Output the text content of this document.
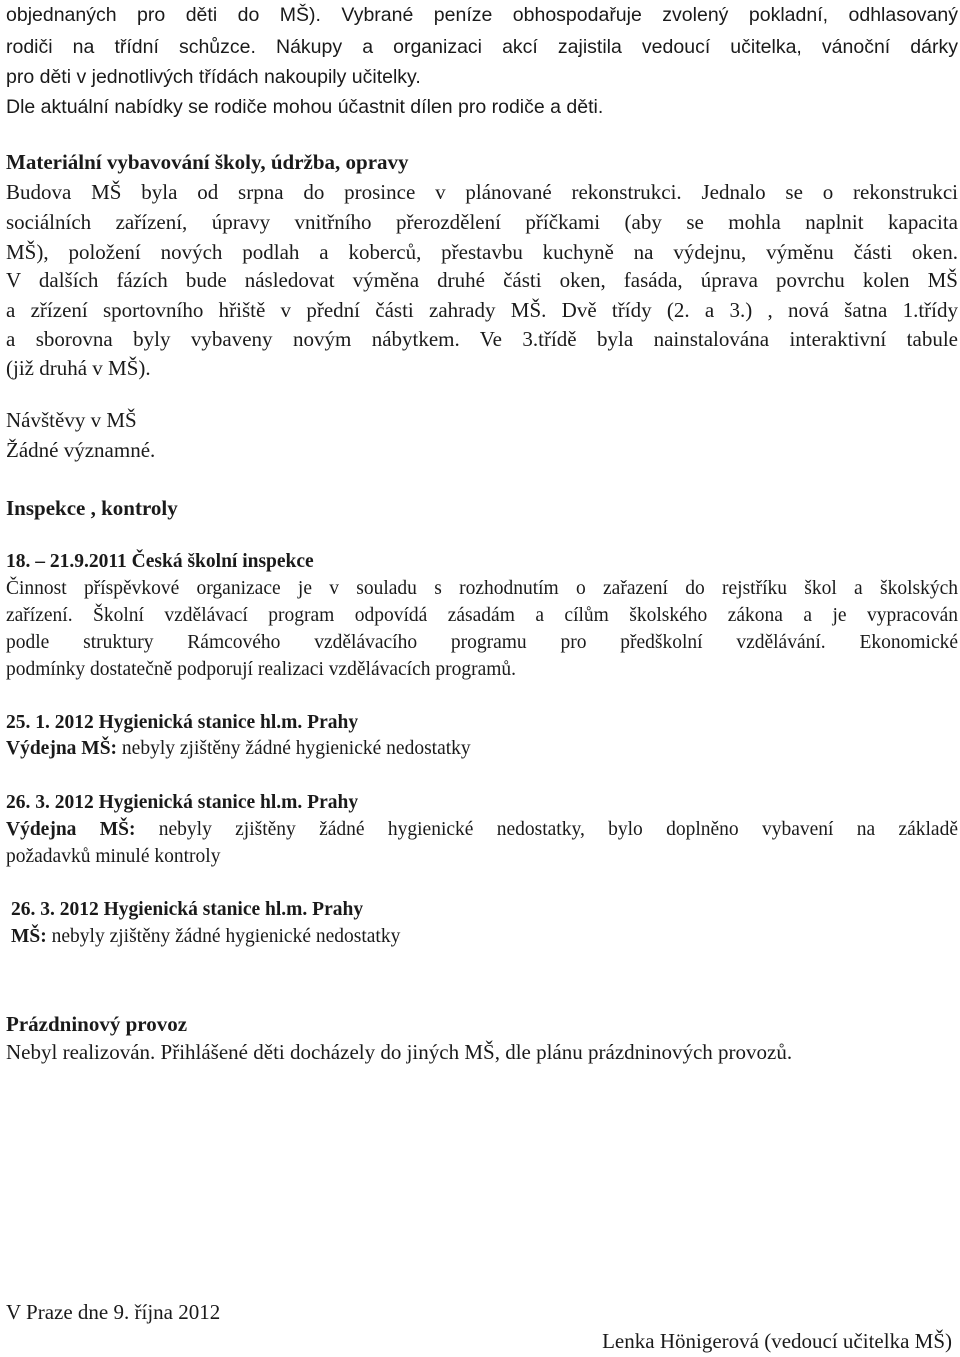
objednaných pro děti do MŠ). Vybrané peníze obhospodařuje zvolený pokladní, odhlasovaný

rodiči na třídní schůzce. Nákupy a organizaci akcí zajistila vedoucí učitelka, vánoční dárky

pro děti v jednotlivých třídách nakoupily učitelky.

Dle aktuální nabídky se rodiče mohou účastnit dílen pro rodiče a děti.

Materiální vybavování školy, údržba, opravy

Budova MŠ byla od srpna do prosince v plánované rekonstrukci. Jednalo se o rekonstrukci

sociálních zařízení, úpravy vnitřního přerozdělení příčkami (aby se mohla naplnit kapacita

MŠ), položení nových podlah a koberců, přestavbu kuchyně na výdejnu, výměnu části oken.

V dalších fázích bude následovat výměna druhé části oken, fasáda, úprava povrchu kolen MŠ

a zřízení sportovního hřiště v přední části zahrady MŠ. Dvě třídy (2. a 3.) , nová šatna 1.třídy

a sborovna byly vybaveny novým nábytkem. Ve 3.třídě byla nainstalována interaktivní tabule

(již druhá v MŠ).

Návštěvy v MŠ

Žádné významné.

Inspekce , kontroly

18. – 21.9.2011 Česká školní inspekce

Činnost příspěvkové organizace je v souladu s rozhodnutím o zařazení do rejstříku škol a školských

zařízení. Školní vzdělávací program odpovídá zásadám a cílům školského zákona a je vypracován

podle struktury Rámcového vzdělávacího programu pro předškolní vzdělávání. Ekonomické

podmínky dostatečně podporují realizaci vzdělávacích programů.

25. 1. 2012 Hygienická stanice hl.m. Prahy

Výdejna MŠ: nebyly zjištěny žádné hygienické nedostatky

26. 3. 2012 Hygienická stanice hl.m. Prahy

Výdejna MŠ: nebyly zjištěny žádné hygienické nedostatky, bylo doplněno vybavení na základě

požadavků minulé kontroly

26. 3. 2012 Hygienická stanice hl.m. Prahy

MŠ: nebyly zjištěny žádné hygienické nedostatky

Prázdninový provoz

Nebyl realizován. Přihlášené děti docházely do jiných MŠ, dle plánu prázdninových provozů.

V Praze dne 9. října 2012

Lenka Hönigerová (vedoucí učitelka MŠ)
